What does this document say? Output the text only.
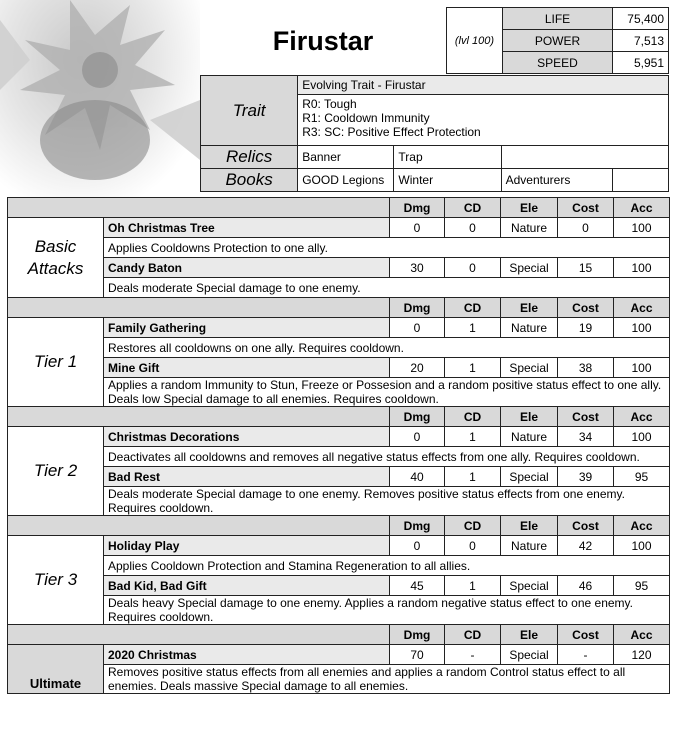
Firustar	(lvl 100)	LIFE	75,400
	POWER	7,513
	SPEED	5,951
Trait	Evolving Trait - Firustar			

	R0: Tough
R1: Cooldown Immunity
R3: SC: Positive Effect Protection			

Relics	Banner	Trap		
Books	GOOD Legions	Winter	Adventurers	
		Dmg	CD	Ele	Cost	Acc

Basic
Attacks	Oh Christmas Tree	0	0	Nature	0	100
	Applies Cooldowns Protection to one ally.					
	Candy Baton	30	0	Special	15	100
	Deals moderate Special damage to one enemy.					
		Dmg	CD	Ele	Cost	Acc
Tier 1	Family Gathering	0	1	Nature	19	100
	Restores all cooldowns on one ally. Requires cooldown.					
	Mine Gift	20	1	Special	38	100
	Applies a random Immunity to Stun, Freeze or Possesion and a random positive status effect to one ally. Deals low Special damage to all enemies. Requires cooldown.					
		Dmg	CD	Ele	Cost	Acc
Tier 2	Christmas Decorations	0	1	Nature	34	100
	Deactivates all cooldowns and removes all negative status effects from one ally. Requires cooldown.					
	Bad Rest	40	1	Special	39	95
	Deals moderate Special damage to one enemy. Removes positive status effects from one enemy. Requires cooldown.					
		Dmg	CD	Ele	Cost	Acc
Tier 3	Holiday Play	0	0	Nature	42	100
	Applies Cooldown Protection and Stamina Regeneration to all allies.					
	Bad Kid, Bad Gift	45	1	Special	46	95
	Deals heavy Special damage to one enemy. Applies a random negative status effect to one enemy. Requires cooldown.					
		Dmg	CD	Ele	Cost	Acc
Ultimate	2020 Christmas	70	-	Special	-	120
	Removes positive status effects from all enemies and applies a random Control status effect to all enemies. Deals massive Special damage to all enemies.					
